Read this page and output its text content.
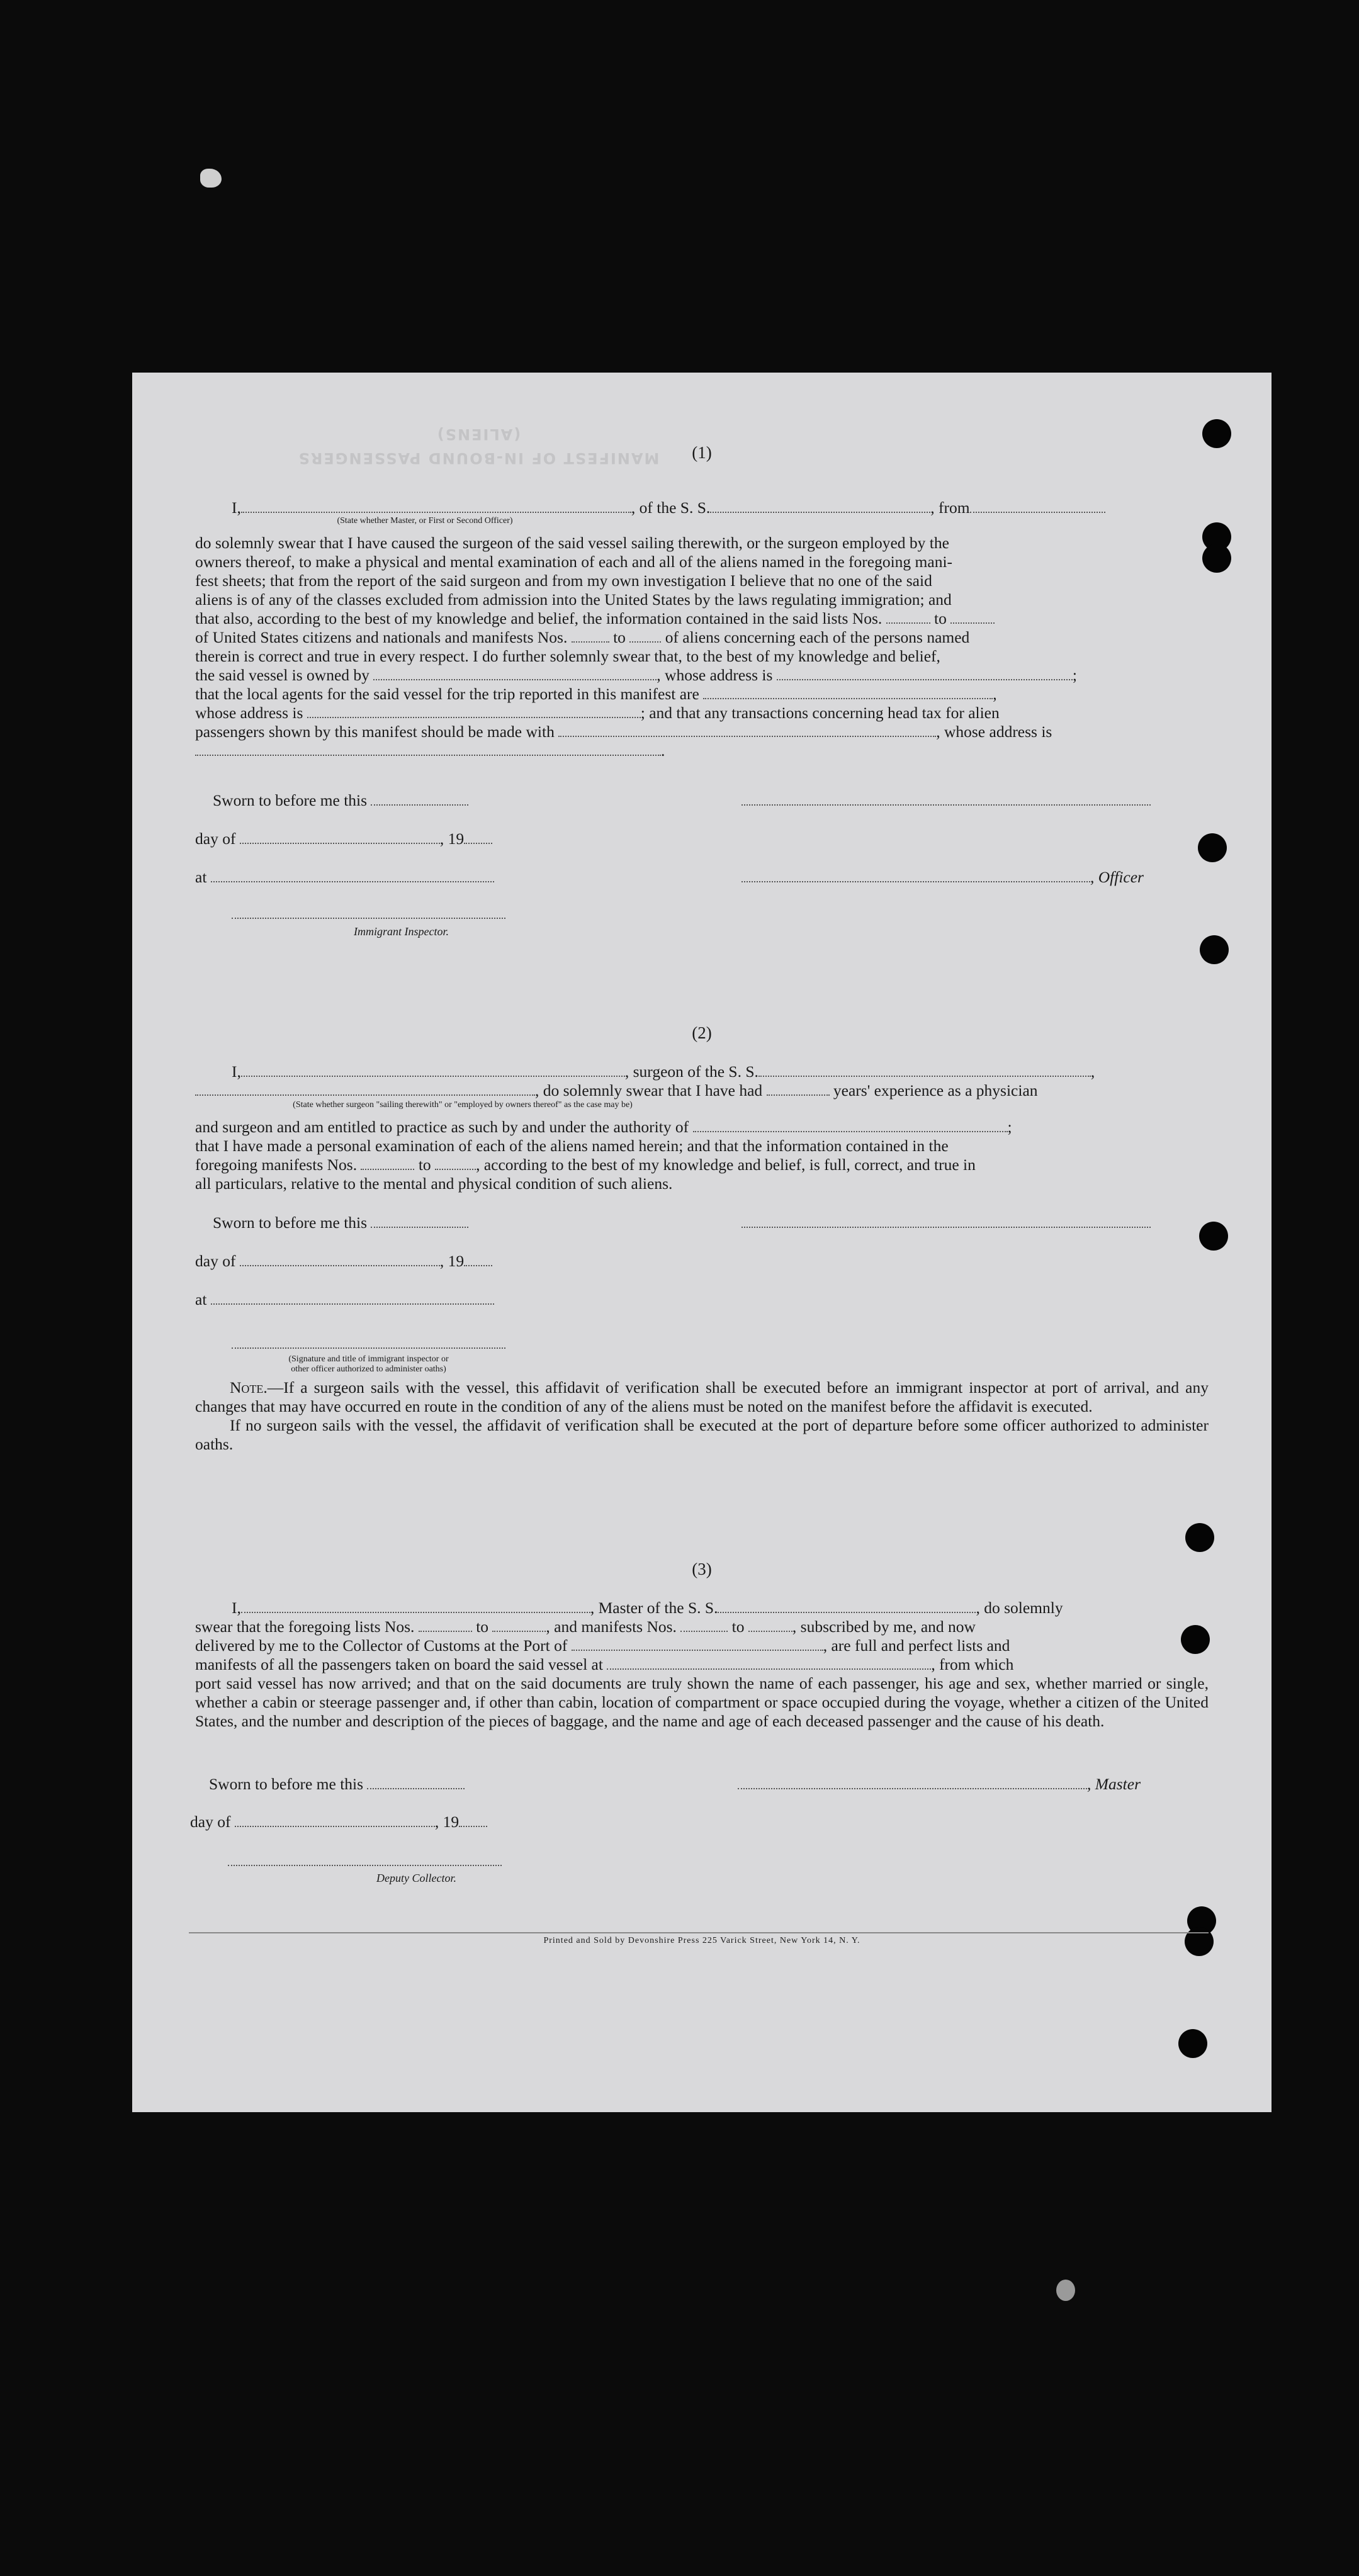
MANIFEST OF IN-BOUND PASSENGERS (ALIENS)
(1)
I,	, of the S. S.	, from
(State whether Master, or First or Second Officer)
do solemnly swear that I have caused the surgeon of the said vessel sailing therewith, or the surgeon employed by the
owners thereof, to make a physical and mental examination of each and all of the aliens named in the foregoing mani-
fest sheets; that from the report of the said surgeon and from my own investigation I believe that no one of the said
aliens is of any of the classes excluded from admission into the United States by the laws regulating immigration; and
that also, according to the best of my knowledge and belief, the information contained in the said lists Nos.	to
of United States citizens and nationals and manifests Nos.	to of aliens concerning each of the persons named
therein is correct and true in every respect. I do further solemnly swear that, to the best of my knowledge and belief,
the said vessel is owned by	, whose address is	;
that the local agents for the said vessel for the trip reported in this manifest are	,
whose address is	; and that any transactions concerning head tax for alien
passengers shown by this manifest should be made with	, whose address is
.
Sworn to before me this
day of	, 19
at	, Officer
Immigrant Inspector.
(2)
I,	, surgeon of the S. S.	,
, do solemnly swear that I have had	years' experience as a physician
(State whether surgeon "sailing therewith" or "employed by owners thereof" as the case may be)
and surgeon and am entitled to practice as such by and under the authority of	;
that I have made a personal examination of each of the aliens named herein; and that the information contained in the
foregoing manifests Nos.	to	, according to the best of my knowledge and belief, is full, correct, and true in
all particulars, relative to the mental and physical condition of such aliens.
Sworn to before me this
day of	, 19
at
(Signature and title of immigrant inspector or
other officer authorized to administer oaths)

Note.—If a surgeon sails with the vessel, this affidavit of verification shall be executed before an immigrant inspector at port of arrival, and any changes that may have occurred en route in the condition of any of the aliens must be noted on the manifest before the affidavit is executed.

If no surgeon sails with the vessel, the affidavit of verification shall be executed at the port of departure before some officer authorized to administer oaths.

(3)
I,	, Master of the S. S.	, do solemnly
swear that the foregoing lists Nos.	to	, and manifests Nos.	to	, subscribed by me, and now
delivered by me to the Collector of Customs at the Port of	, are full and perfect lists and
manifests of all the passengers taken on board the said vessel at	, from which
port said vessel has now arrived; and that on the said documents are truly shown the name of each passenger, his age and sex, whether married or single, whether a cabin or steerage passenger and, if other than cabin, location of compartment or space occupied during the voyage, whether a citizen of the United States, and the number and description of the pieces of baggage, and the name and age of each deceased passenger and the cause of his death.
Sworn to before me this	, Master
day of	, 19
Deputy Collector.
Printed and Sold by Devonshire Press 225 Varick Street, New York 14, N. Y.
